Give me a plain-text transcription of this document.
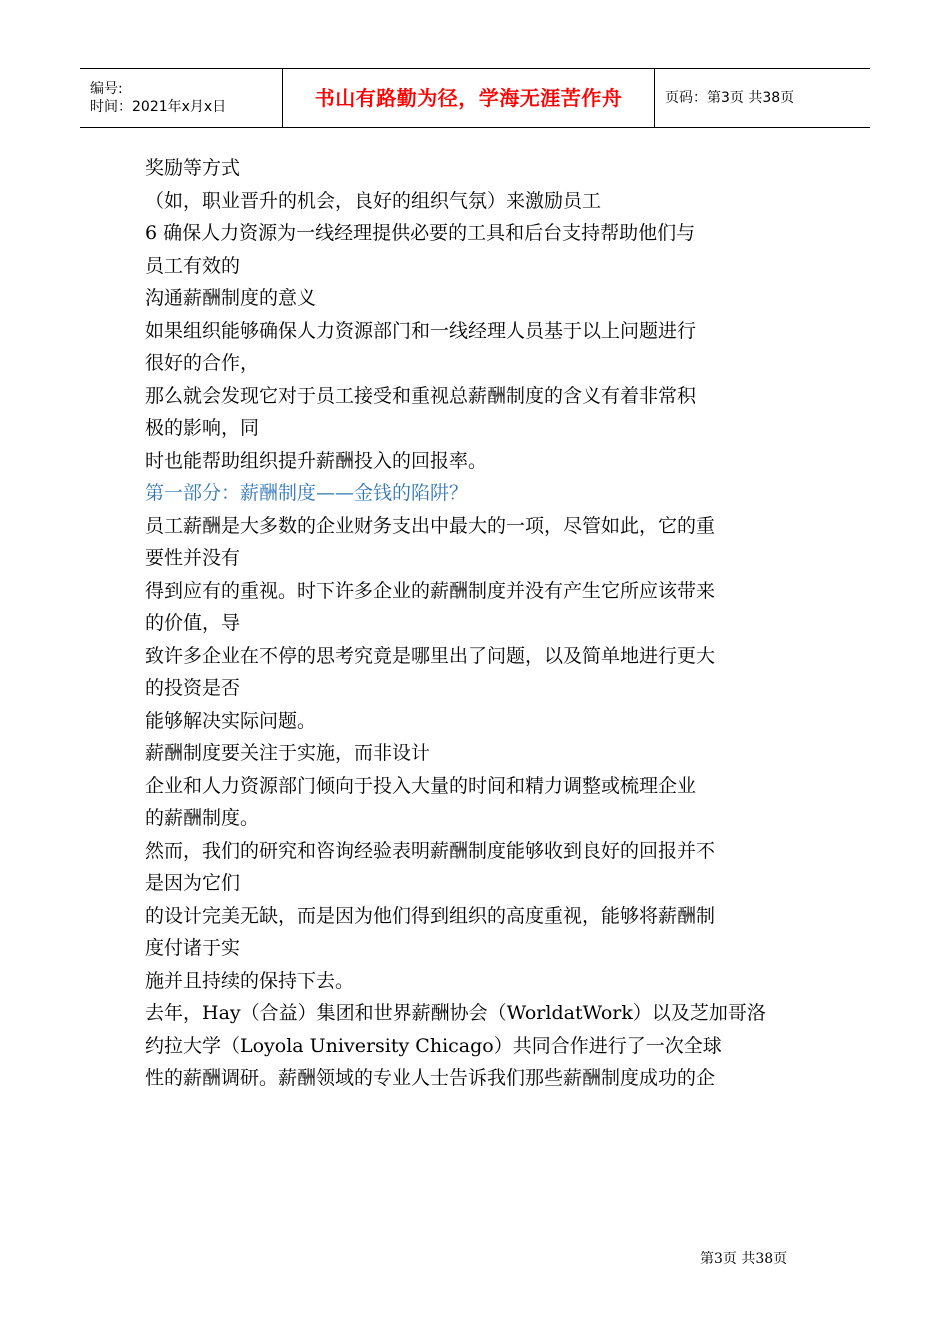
编号:
时间：2021年x月x日	书山有路勤为径，学海无涯苦作舟	页码：第3页 共38页
奖励等方式
（如，职业晋升的机会，良好的组织气氛）来激励员工
6 确保人力资源为一线经理提供必要的工具和后台支持帮助他们与
员工有效的
沟通薪酬制度的意义
如果组织能够确保人力资源部门和一线经理人员基于以上问题进行
很好的合作，
那么就会发现它对于员工接受和重视总薪酬制度的含义有着非常积
极的影响，同
时也能帮助组织提升薪酬投入的回报率。
第一部分：薪酬制度——金钱的陷阱？
员工薪酬是大多数的企业财务支出中最大的一项，尽管如此，它的重
要性并没有
得到应有的重视。时下许多企业的薪酬制度并没有产生它所应该带来
的价值，导
致许多企业在不停的思考究竟是哪里出了问题，以及简单地进行更大
的投资是否
能够解决实际问题。
薪酬制度要关注于实施，而非设计
企业和人力资源部门倾向于投入大量的时间和精力调整或梳理企业
的薪酬制度。
然而，我们的研究和咨询经验表明薪酬制度能够收到良好的回报并不
是因为它们
的设计完美无缺，而是因为他们得到组织的高度重视，能够将薪酬制
度付诸于实
施并且持续的保持下去。
去年，Hay（合益）集团和世界薪酬协会（WorldatWork）以及芝加哥洛
约拉大学（Loyola University Chicago）共同合作进行了一次全球
性的薪酬调研。薪酬领域的专业人士告诉我们那些薪酬制度成功的企
第3页 共38页
